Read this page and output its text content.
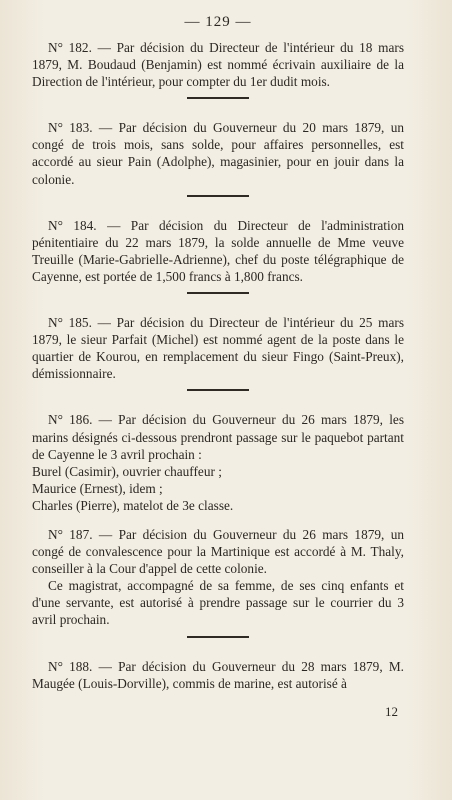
— 129 —

N° 182. — Par décision du Directeur de l'intérieur du 18 mars 1879, M. Boudaud (Benjamin) est nommé écrivain auxiliaire de la Direction de l'intérieur, pour compter du 1er dudit mois.

N° 183. — Par décision du Gouverneur du 20 mars 1879, un congé de trois mois, sans solde, pour affaires personnelles, est accordé au sieur Pain (Adolphe), magasinier, pour en jouir dans la colonie.

N° 184. — Par décision du Directeur de l'administration pénitentiaire du 22 mars 1879, la solde annuelle de Mme veuve Treuille (Marie-Gabrielle-Adrienne), chef du poste télégraphique de Cayenne, est portée de 1,500 francs à 1,800 francs.

N° 185. — Par décision du Directeur de l'intérieur du 25 mars 1879, le sieur Parfait (Michel) est nommé agent de la poste dans le quartier de Kourou, en remplacement du sieur Fingo (Saint-Preux), démissionnaire.

N° 186. — Par décision du Gouverneur du 26 mars 1879, les marins désignés ci-dessous prendront passage sur le paquebot partant de Cayenne le 3 avril prochain :

Burel (Casimir), ouvrier chauffeur ;
Maurice (Ernest), idem ;
Charles (Pierre), matelot de 3e classe.

N° 187. — Par décision du Gouverneur du 26 mars 1879, un congé de convalescence pour la Martinique est accordé à M. Thaly, conseiller à la Cour d'appel de cette colonie.

Ce magistrat, accompagné de sa femme, de ses cinq enfants et d'une servante, est autorisé à prendre passage sur le courrier du 3 avril prochain.

N° 188. — Par décision du Gouverneur du 28 mars 1879, M. Maugée (Louis-Dorville), commis de marine, est autorisé à

12
